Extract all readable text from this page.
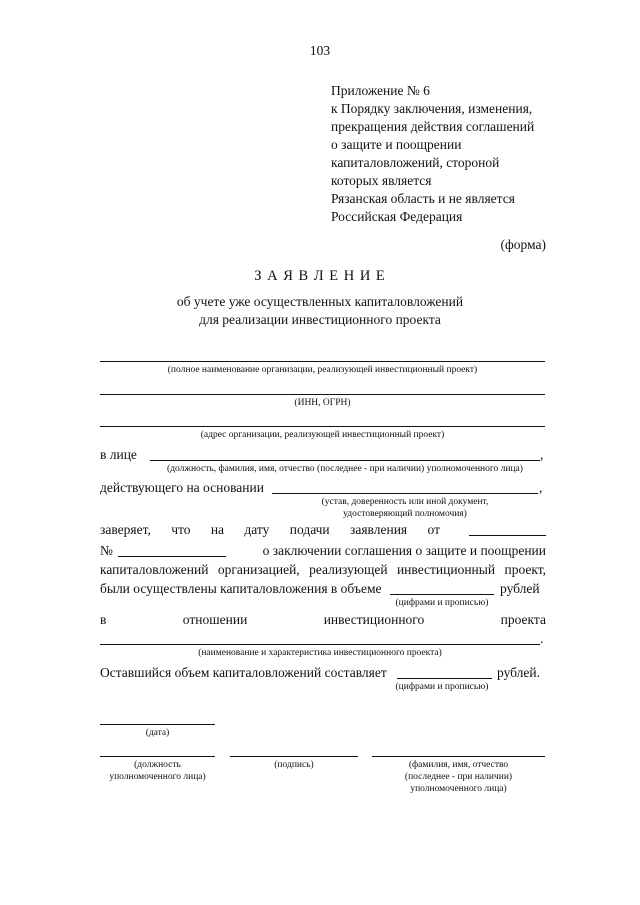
103
Приложение № 6
к Порядку заключения, изменения,
прекращения действия соглашений
о защите и поощрении
капиталовложений, стороной
которых является
Рязанская область и не является
Российская Федерация
(форма)
З А Я В Л Е Н И Е
об учете уже осуществленных капиталовложений
для реализации инвестиционного проекта
(полное наименование организации, реализующей инвестиционный проект)
(ИНН, ОГРН)
(адрес организации, реализующей инвестиционный проект)
в лице	,
(должность, фамилия, имя, отчество (последнее - при наличии) уполномоченного лица)
действующего на основании	,
(устав, доверенность или иной документ,
удостоверяющий полномочия)
заверяет, что на дату подачи заявления от
№	о заключении соглашения о защите и поощрении
капиталовложений организацией, реализующей инвестиционный проект,
были осуществлены капиталовложения в объеме	рублей
(цифрами и прописью)
в	отношении	инвестиционного	проекта
.
(наименование и характеристика инвестиционного проекта)
Оставшийся объем капиталовложений составляет	рублей.
(цифрами и прописью)
(дата)
(должность
уполномоченного лица)
(подпись)	(фамилия, имя, отчество
(последнее - при наличии)
уполномоченного лица)
